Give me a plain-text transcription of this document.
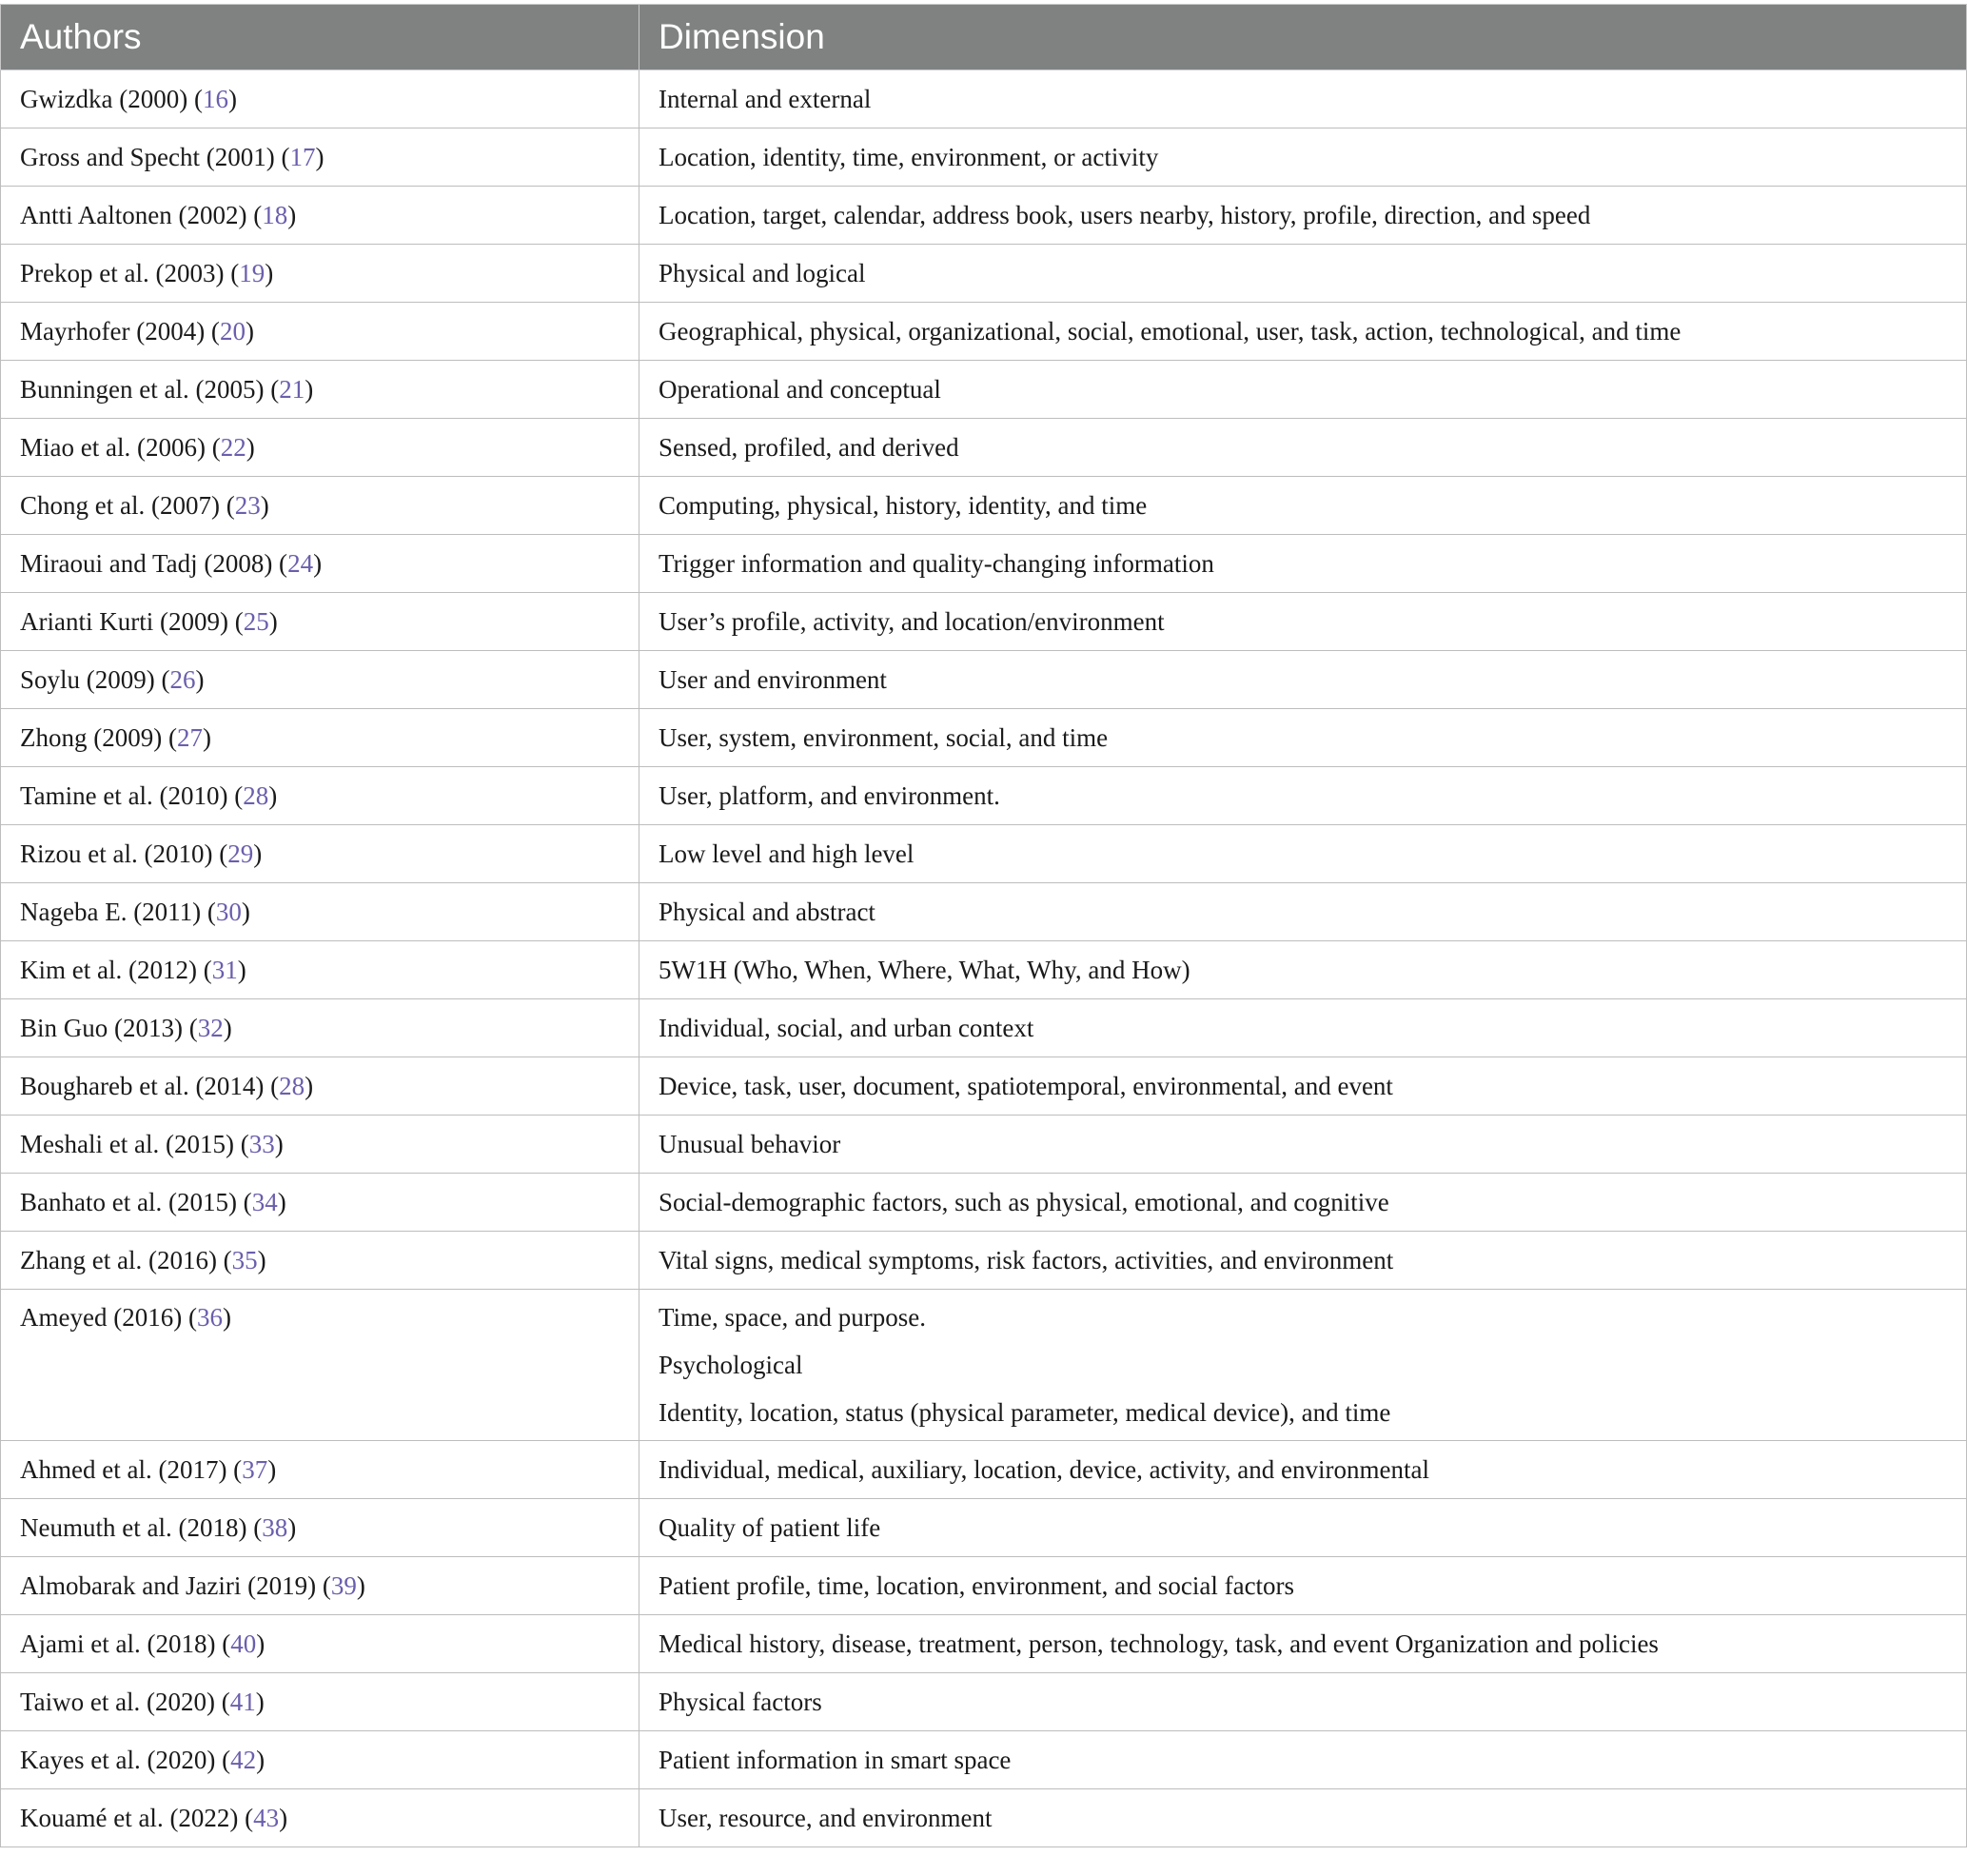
Authors	Dimension
Gwizdka (2000) (16)	Internal and external
Gross and Specht (2001) (17)	Location, identity, time, environment, or activity
Antti Aaltonen (2002) (18)	Location, target, calendar, address book, users nearby, history, profile, direction, and speed
Prekop et al. (2003) (19)	Physical and logical
Mayrhofer (2004) (20)	Geographical, physical, organizational, social, emotional, user, task, action, technological, and time
Bunningen et al. (2005) (21)	Operational and conceptual
Miao et al. (2006) (22)	Sensed, profiled, and derived
Chong et al. (2007) (23)	Computing, physical, history, identity, and time
Miraoui and Tadj (2008) (24)	Trigger information and quality-changing information
Arianti Kurti (2009) (25)	User’s profile, activity, and location/environment
Soylu (2009) (26)	User and environment
Zhong (2009) (27)	User, system, environment, social, and time
Tamine et al. (2010) (28)	User, platform, and environment.
Rizou et al. (2010) (29)	Low level and high level
Nageba E. (2011) (30)	Physical and abstract
Kim et al. (2012) (31)	5W1H (Who, When, Where, What, Why, and How)
Bin Guo (2013) (32)	Individual, social, and urban context
Boughareb et al. (2014) (28)	Device, task, user, document, spatiotemporal, environmental, and event
Meshali et al. (2015) (33)	Unusual behavior
Banhato et al. (2015) (34)	Social-demographic factors, such as physical, emotional, and cognitive
Zhang et al. (2016) (35)	Vital signs, medical symptoms, risk factors, activities, and environment
Ameyed (2016) (36)	Time, space, and purpose.
Psychological
Identity, location, status (physical parameter, medical device), and time

Ahmed et al. (2017) (37)	Individual, medical, auxiliary, location, device, activity, and environmental
Neumuth et al. (2018) (38)	Quality of patient life
Almobarak and Jaziri (2019) (39)	Patient profile, time, location, environment, and social factors
Ajami et al. (2018) (40)	Medical history, disease, treatment, person, technology, task, and event Organization and policies
Taiwo et al. (2020) (41)	Physical factors
Kayes et al. (2020) (42)	Patient information in smart space
Kouamé et al. (2022) (43)	User, resource, and environment
